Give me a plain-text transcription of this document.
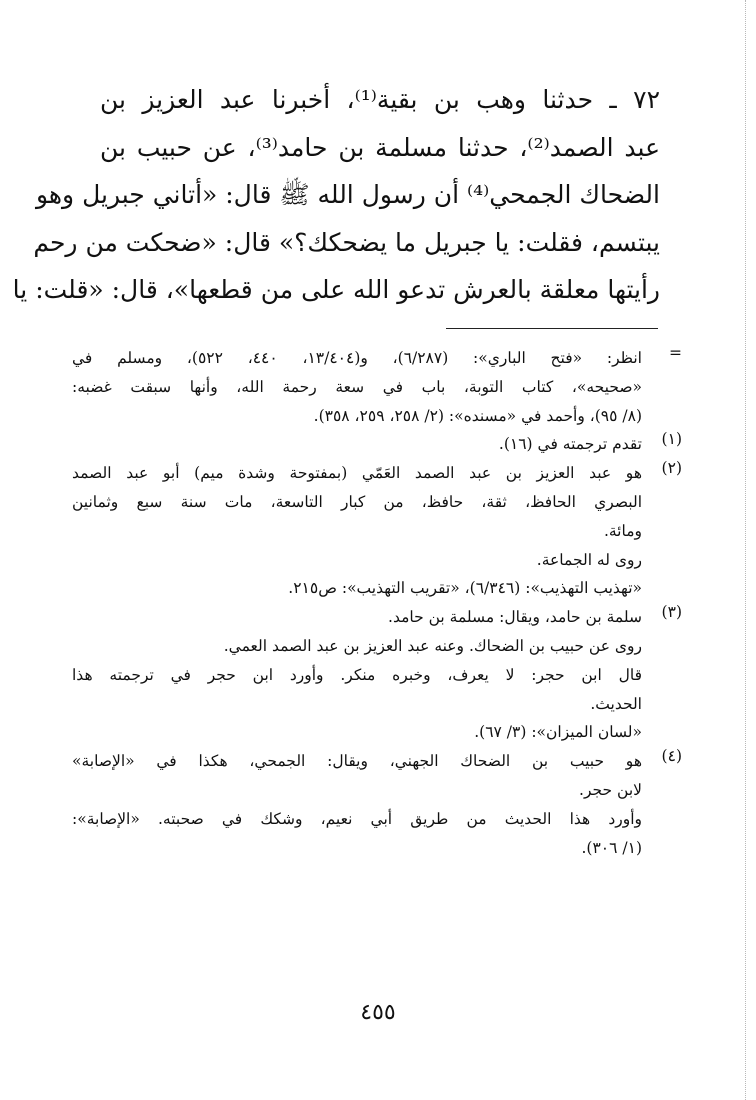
٧٢ ـ حدثنا وهب بن بقية⁽¹⁾، أخبرنا عبد العزيز بن
عبد الصمد⁽²⁾، حدثنا مسلمة بن حامد⁽³⁾، عن حبيب بن
الضحاك الجمحي⁽⁴⁾ أن رسول الله ﷺ قال: «أتاني جبريل وهو
يبتسم، فقلت: يا جبريل ما يضحكك؟» قال: «ضحكت من رحم
رأيتها معلقة بالعرش تدعو الله على من قطعها»، قال: «قلت: يا
=
انظر: «فتح الباري»: (٦/٢٨٧)، و(١٣/٤٠٤، ٤٤٠، ٥٢٢)، ومسلم في
«صحيحه»، كتاب التوبة، باب في سعة رحمة الله، وأنها سبقت غضبه:
(٨/ ٩٥)، وأحمد في «مسنده»: (٢/ ٢٥٨، ٢٥٩، ٣٥٨).
(١)
تقدم ترجمته في (١٦).
(٢)
هو عبد العزيز بن عبد الصمد العَمّي (بمفتوحة وشدة ميم) أبو عبد الصمد
البصري الحافظ، ثقة، حافظ، من كبار التاسعة، مات سنة سبع وثمانين
ومائة.
روى له الجماعة.
«تهذيب التهذيب»: (٦/٣٤٦)، «تقريب التهذيب»: ص٢١٥.
(٣)
سلمة بن حامد، ويقال: مسلمة بن حامد.
روى عن حبيب بن الضحاك. وعنه عبد العزيز بن عبد الصمد العمي.
قال ابن حجر: لا يعرف، وخبره منكر. وأورد ابن حجر في ترجمته هذا
الحديث.
«لسان الميزان»: (٣/ ٦٧).
(٤)
هو حبيب بن الضحاك الجهني، ويقال: الجمحي، هكذا في «الإصابة»
لابن حجر.
وأورد هذا الحديث من طريق أبي نعيم، وشكك في صحبته. «الإصابة»:
(١/ ٣٠٦).
٤٥٥
